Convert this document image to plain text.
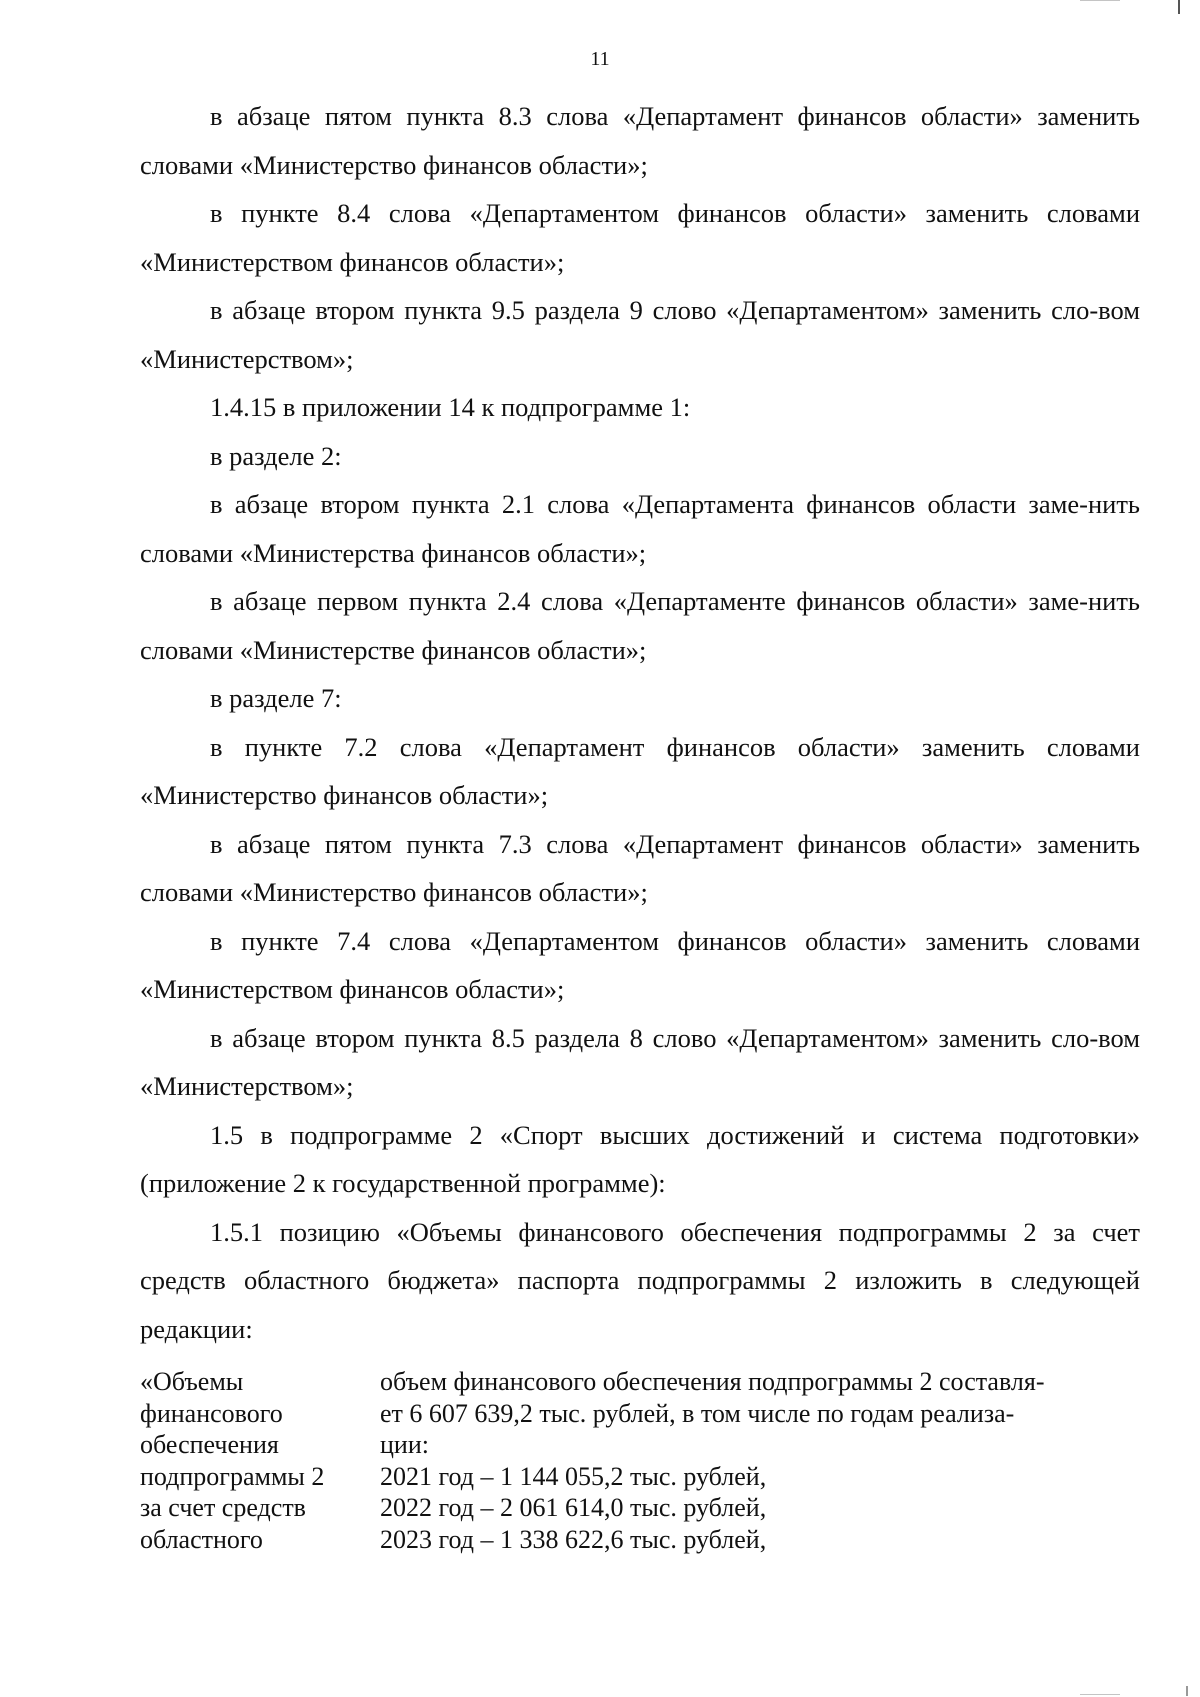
11

в абзаце пятом пункта 8.3 слова «Департамент финансов области» заменить словами «Министерство финансов области»;

в пункте 8.4 слова «Департаментом финансов области» заменить словами «Министерством финансов области»;

в абзаце втором пункта 9.5 раздела 9 слово «Департаментом» заменить сло-вом «Министерством»;

1.4.15 в приложении 14 к подпрограмме 1:

в разделе 2:

в абзаце втором пункта 2.1 слова «Департамента финансов области заме-нить словами «Министерства финансов области»;

в абзаце первом пункта 2.4 слова «Департаменте финансов области» заме-нить словами «Министерстве финансов области»;

в разделе 7:

в пункте 7.2 слова «Департамент финансов области» заменить словами «Министерство финансов области»;

в абзаце пятом пункта 7.3 слова «Департамент финансов области» заменить словами «Министерство финансов области»;

в пункте 7.4 слова «Департаментом финансов области» заменить словами «Министерством финансов области»;

в абзаце втором пункта 8.5 раздела 8 слово «Департаментом» заменить сло-вом «Министерством»;

1.5 в подпрограмме 2 «Спорт высших достижений и система подготовки» (приложение 2 к государственной программе):

1.5.1 позицию «Объемы финансового обеспечения подпрограммы 2 за счет средств областного бюджета» паспорта подпрограммы 2 изложить в следующей редакции:

«Объемы
финансового
обеспечения
подпрограммы 2
за счет средств
областного
объем финансового обеспечения подпрограммы 2 составля-
ет 6 607 639,2 тыс. рублей, в том числе по годам реализа-
ции:
2021 год – 1 144 055,2 тыс. рублей,
2022 год – 2 061 614,0 тыс. рублей,
2023 год – 1 338 622,6 тыс. рублей,
